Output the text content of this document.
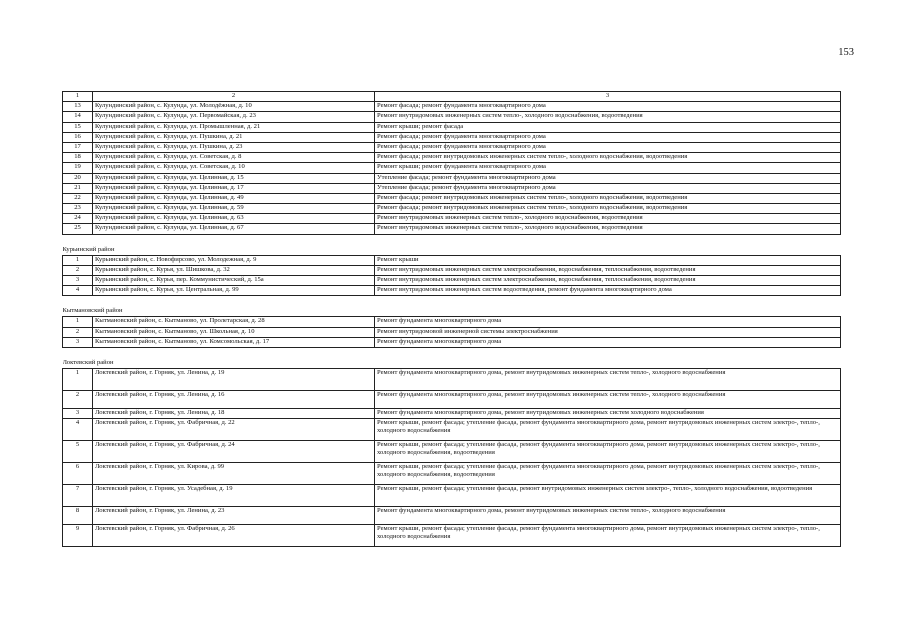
153
1	2	3
13	Кулундинский район, с. Кулунда, ул. Молодёжная, д. 10	Ремонт фасада; ремонт фундамента многоквартирного дома
14	Кулундинский район, с. Кулунда, ул. Первомайская, д. 23	Ремонт внутридомовых инженерных систем тепло-, холодного водоснабжения, водоотведения
15	Кулундинский район, с. Кулунда, ул. Промышленная, д. 21	Ремонт крыши; ремонт фасада
16	Кулундинский район, с. Кулунда, ул. Пушкина, д. 21	Ремонт фасада; ремонт фундамента многоквартирного дома
17	Кулундинский район, с. Кулунда, ул. Пушкина, д. 23	Ремонт фасада; ремонт фундамента многоквартирного дома
18	Кулундинский район, с. Кулунда, ул. Советская, д. 8	Ремонт фасада; ремонт внутридомовых инженерных систем тепло-, холодного водоснабжения, водоотведения
19	Кулундинский район, с. Кулунда, ул. Советская, д. 10	Ремонт крыши; ремонт фундамента многоквартирного дома
20	Кулундинский район, с. Кулунда, ул. Целинная, д. 15	Утепление фасада; ремонт фундамента многоквартирного дома
21	Кулундинский район, с. Кулунда, ул. Целинная, д. 17	Утепление фасада; ремонт фундамента многоквартирного дома
22	Кулундинский район, с. Кулунда, ул. Целинная, д. 49	Ремонт фасада; ремонт внутридомовых инженерных систем тепло-, холодного водоснабжения, водоотведения
23	Кулундинский район, с. Кулунда, ул. Целинная, д. 59	Ремонт фасада; ремонт внутридомовых инженерных систем тепло-, холодного водоснабжения, водоотведения
24	Кулундинский район, с. Кулунда, ул. Целинная, д. 63	Ремонт внутридомовых инженерных систем тепло-, холодного водоснабжения, водоотведения
25	Кулундинский район, с. Кулунда, ул. Целинная, д. 67	Ремонт внутридомовых инженерных систем тепло-, холодного водоснабжения, водоотведения

Курьинский район		
1	Курьинский район, с. Новофирсово, ул. Молодежная, д. 9	Ремонт крыши
2	Курьинский район, с. Курья, ул. Шишкова, д. 32	Ремонт внутридомовых инженерных систем электроснабжения, водоснабжения, теплоснабжения, водоотведения
3	Курьинский район, с. Курья, пер. Коммунистический, д. 15а	Ремонт внутридомовых инженерных систем электроснабжения, водоснабжения, теплоснабжения, водоотведения
4	Курьинский район, с. Курья, ул. Центральная, д. 99	Ремонт внутридомовых инженерных систем водоотведения, ремонт фундамента многоквартирного дома

Кытмановский район		
1	Кытмановский район, с. Кытманово, ул. Пролетарская, д. 28	Ремонт фундамента многоквартирного дома
2	Кытмановский район, с. Кытманово, ул. Школьная, д. 10	Ремонт внутридомовой инженерной системы электроснабжения
3	Кытмановский район, с. Кытманово, ул. Комсомольская, д. 17	Ремонт фундамента многоквартирного дома

Локтевский район		
1	Локтевский район, г. Горняк, ул. Ленина, д. 19	Ремонт фундамента многоквартирного дома, ремонт внутридомовых инженерных систем тепло-, холодного водоснабжения
2	Локтевский район, г. Горняк, ул. Ленина, д. 16	Ремонт фундамента многоквартирного дома, ремонт внутридомовых инженерных систем тепло-, холодного водоснабжения
3	Локтевский район, г. Горняк, ул. Ленина, д. 18	Ремонт фундамента многоквартирного дома, ремонт внутридомовых инженерных систем холодного водоснабжения
4	Локтевский район, г. Горняк, ул. Фабричная, д. 22	Ремонт крыши, ремонт фасада; утепление фасада, ремонт фундамента многоквартирного дома, ремонт внутридомовых инженерных систем электро-, тепло-, холодного водоснабжения
5	Локтевский район, г. Горняк, ул. Фабричная, д. 24	Ремонт крыши, ремонт фасада; утепление фасада, ремонт фундамента многоквартирного дома, ремонт внутридомовых инженерных систем электро-, тепло-, холодного водоснабжения, водоотведения
6	Локтевский район, г. Горняк, ул. Кирова, д. 99	Ремонт крыши, ремонт фасада; утепление фасада, ремонт фундамента многоквартирного дома, ремонт внутридомовых инженерных систем электро-, тепло-, холодного водоснабжения, водоотведения
7	Локтевский район, г. Горняк, ул. Усадебная, д. 19	Ремонт крыши, ремонт фасада; утепление фасада, ремонт внутридомовых инженерных систем электро-, тепло-, холодного водоснабжения, водоотведения
8	Локтевский район, г. Горняк, ул. Ленина, д. 23	Ремонт фундамента многоквартирного дома, ремонт внутридомовых инженерных систем тепло-, холодного водоснабжения
9	Локтевский район, г. Горняк, ул. Фабричная, д. 26	Ремонт крыши, ремонт фасада; утепление фасада, ремонт фундамента многоквартирного дома, ремонт внутридомовых инженерных систем электро-, тепло-, холодного водоснабжения
